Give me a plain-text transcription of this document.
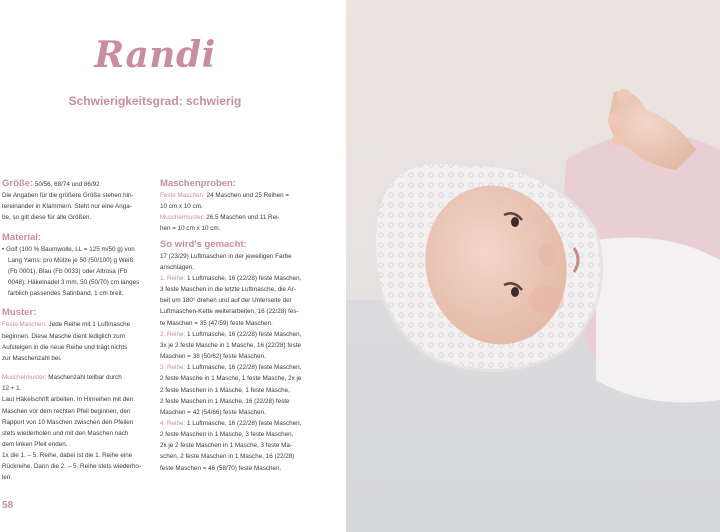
Randi
Schwierigkeitsgrad: schwierig
Größe: 50/56, 68/74 und 86/92
Die Angaben für die größere Größe stehen hin-
tereinander in Klammern. Steht nur eine Anga-
be, so gilt diese für alle Größen.
Material:
• Golf (100 % Baumwolle, LL = 125 m/50 g) von
Lang Yarns: pro Mütze je 50 (50/100) g Weiß
(Fb 0001), Blau (Fb 0033) oder Altrosa (Fb
0048); Häkelnadel 3 mm, 50 (50/70) cm langes
farblich passendes Satinband, 1 cm breit.
Muster:
Feste Maschen: Jede Reihe mit 1 Luftmasche
beginnen. Diese Masche dient lediglich zum
Aufsteigen in die neue Reihe und trägt nichts
zur Maschenzahl bei.
Muschelmuster: Maschenzahl teilbar durch
12 + 1.
Laut Häkelschrift arbeiten. In Hinreihen mit den
Maschen vor dem rechten Pfeil beginnen, den
Rapport von 10 Maschen zwischen den Pfeilen
stets wiederholen und mit den Maschen nach
dem linken Pfeil enden.
1x die 1. – 5. Reihe, dabei ist die 1. Reihe eine
Rückreihe. Dann die 2. – 5. Reihe stets wiederho-
len.
Maschenproben:
Feste Maschen: 24 Maschen und 25 Reihen =
10 cm x 10 cm.
Muschelmuster: 26,5 Maschen und 11 Rei-
hen = 10 cm x 10 cm.
So wird's gemacht:
17 (23/29) Luftmaschen in der jeweiligen Farbe
anschlagen.
1. Reihe: 1 Luftmasche, 16 (22/28) feste Maschen,
3 feste Maschen in die letzte Luftmasche, die Ar-
beit um 180° drehen und auf der Unterseite der
Luftmaschen-Kette weiterarbeiten, 16 (22/28) fes-
te Maschen = 35 (47/59) feste Maschen.
2. Reihe: 1 Luftmasche, 16 (22/28) feste Maschen,
3x je 2 feste Masche in 1 Masche, 16 (22/28) feste
Maschen = 38 (50/62) feste Maschen.
3. Reihe: 1 Luftmasche, 16 (22/28) feste Maschen,
2 feste Masche in 1 Masche, 1 feste Masche, 2x je
2 feste Maschen in 1 Masche, 1 feste Masche,
2 feste Maschen in 1 Masche, 16 (22/28) feste
Maschen = 42 (54/66) feste Maschen.
4. Reihe: 1 Luftmasche, 16 (22/28) feste Maschen,
2 feste Maschen in 1 Masche, 3 feste Maschen,
2x je 2 feste Maschen in 1 Masche, 3 feste Ma-
schen, 2 feste Maschen in 1 Masche, 16 (22/28)
feste Maschen = 46 (58/70) feste Maschen.
58
